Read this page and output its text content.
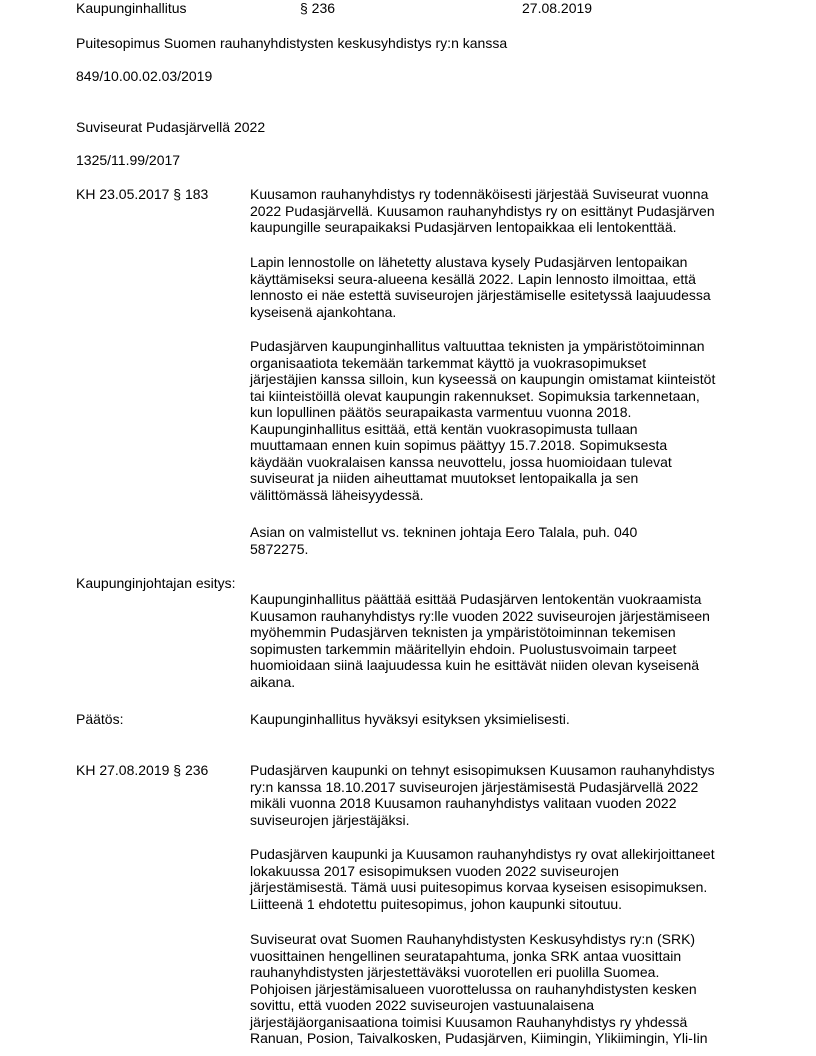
Kaupunginhallitus	§ 236	27.08.2019
Puitesopimus Suomen rauhanyhdistysten keskusyhdistys ry:n kanssa
849/10.00.02.03/2019
Suviseurat Pudasjärvellä 2022
1325/11.99/2017
KH 23.05.2017 § 183	Kuusamon rauhanyhdistys ry todennäköisesti järjestää Suviseurat vuonna
2022 Pudasjärvellä. Kuusamon rauhanyhdistys ry on esittänyt Pudasjärven
kaupungille seurapaikaksi Pudasjärven lentopaikkaa eli lentokenttää.

Lapin lennostolle on lähetetty alustava kysely Pudasjärven lentopaikan
käyttämiseksi seura-alueena kesällä 2022. Lapin lennosto ilmoittaa, että
lennosto ei näe estettä suviseurojen järjestämiselle esitetyssä laajuudessa
kyseisenä ajankohtana.

Pudasjärven kaupunginhallitus valtuuttaa teknisten ja ympäristötoiminnan
organisaatiota tekemään tarkemmat käyttö ja vuokrasopimukset
järjestäjien kanssa silloin, kun kyseessä on kaupungin omistamat kiinteistöt
tai kiinteistöillä olevat kaupungin rakennukset. Sopimuksia tarkennetaan,
kun lopullinen päätös seurapaikasta varmentuu vuonna 2018.
Kaupunginhallitus esittää, että kentän vuokrasopimusta tullaan
muuttamaan ennen kuin sopimus päättyy 15.7.2018. Sopimuksesta
käydään vuokralaisen kanssa neuvottelu, jossa huomioidaan tulevat
suviseurat ja niiden aiheuttamat muutokset lentopaikalla ja sen
välittömässä läheisyydessä.

Asian on valmistellut vs. tekninen johtaja Eero Talala, puh. 040
5872275.

Kaupunginjohtajan esitys:

Kaupunginhallitus päättää esittää Pudasjärven lentokentän vuokraamista
Kuusamon rauhanyhdistys ry:lle vuoden 2022 suviseurojen järjestämiseen
myöhemmin Pudasjärven teknisten ja ympäristötoiminnan tekemisen
sopimusten tarkemmin määritellyin ehdoin. Puolustusvoimain tarpeet
huomioidaan siinä laajuudessa kuin he esittävät niiden olevan kyseisenä
aikana.

Päätös:	Kaupunginhallitus hyväksyi esityksen yksimielisesti.

KH 27.08.2019 § 236	Pudasjärven kaupunki on tehnyt esisopimuksen Kuusamon rauhanyhdistys
ry:n kanssa 18.10.2017 suviseurojen järjestämisestä Pudasjärvellä 2022
mikäli vuonna 2018 Kuusamon rauhanyhdistys valitaan vuoden 2022
suviseurojen järjestäjäksi.

Pudasjärven kaupunki ja Kuusamon rauhanyhdistys ry ovat allekirjoittaneet
lokakuussa 2017 esisopimuksen vuoden 2022 suviseurojen
järjestämisestä. Tämä uusi puitesopimus korvaa kyseisen esisopimuksen.
Liitteenä 1 ehdotettu puitesopimus, johon kaupunki sitoutuu.

Suviseurat ovat Suomen Rauhanyhdistysten Keskusyhdistys ry:n (SRK)
vuosittainen hengellinen seuratapahtuma, jonka SRK antaa vuosittain
rauhanyhdistysten järjestettäväksi vuorotellen eri puolilla Suomea.
Pohjoisen järjestämisalueen vuorottelussa on rauhanyhdistysten kesken
sovittu, että vuoden 2022 suviseurojen vastuunalaisena
järjestäjäorganisaationa toimisi Kuusamon Rauhanyhdistys ry yhdessä
Ranuan, Posion, Taivalkosken, Pudasjärven, Kiimingin, Ylikiimingin, Yli-Iin
